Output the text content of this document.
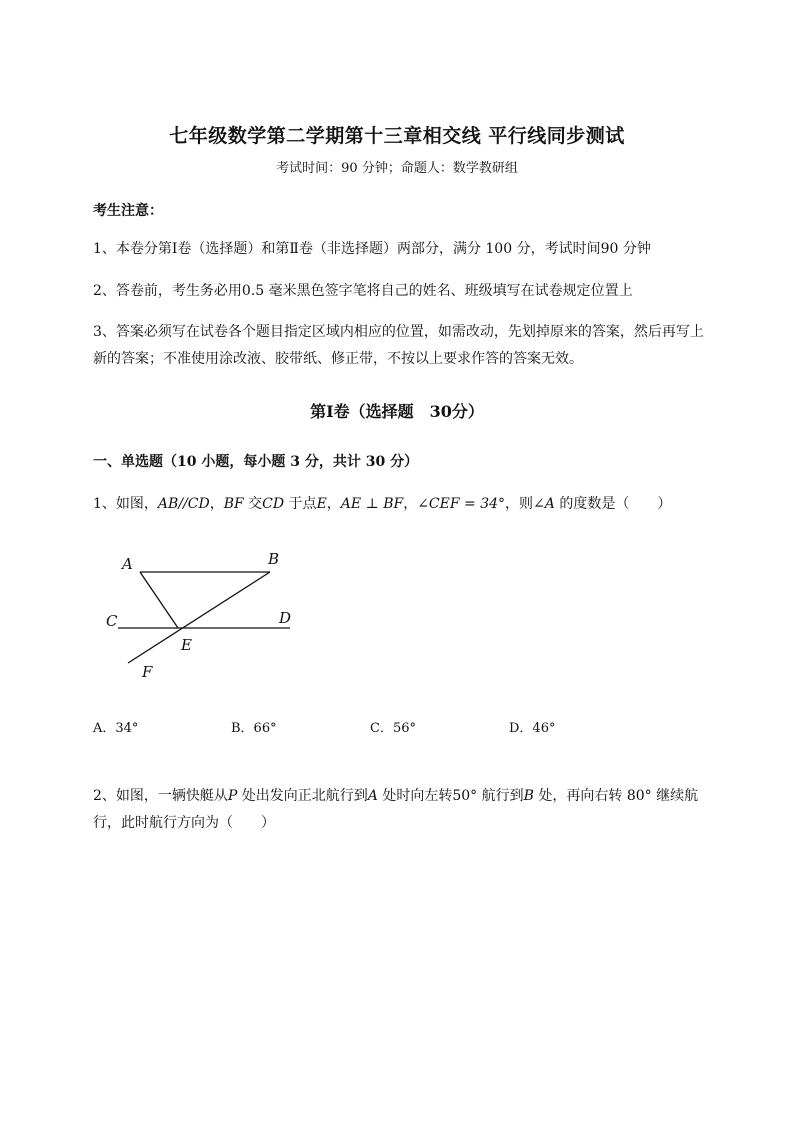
七年级数学第二学期第十三章相交线 平行线同步测试
考试时间：90 分钟；命题人：数学教研组
考生注意：
1、本卷分第Ⅰ卷（选择题）和第Ⅱ卷（非选择题）两部分，满分 100 分，考试时间90 分钟
2、答卷前，考生务必用0.5 毫米黑色签字笔将自己的姓名、班级填写在试卷规定位置上
3、答案必须写在试卷各个题目指定区域内相应的位置，如需改动，先划掉原来的答案，然后再写上新的答案；不准使用涂改液、胶带纸、修正带，不按以上要求作答的答案无效。
第Ⅰ卷（选择题　30分）
一、单选题（10 小题，每小题 3 分，共计 30 分）
1、如图，AB//CD，BF 交CD 于点E，AE ⊥ BF，∠CEF = 34°，则∠A 的度数是（　　）
A	B
C	D
E
F
A．34°	B．66°	C．56°	D．46°
2、如图，一辆快艇从P 处出发向正北航行到A 处时向左转50° 航行到B 处，再向右转 80° 继续航行，此时航行方向为（　　）
